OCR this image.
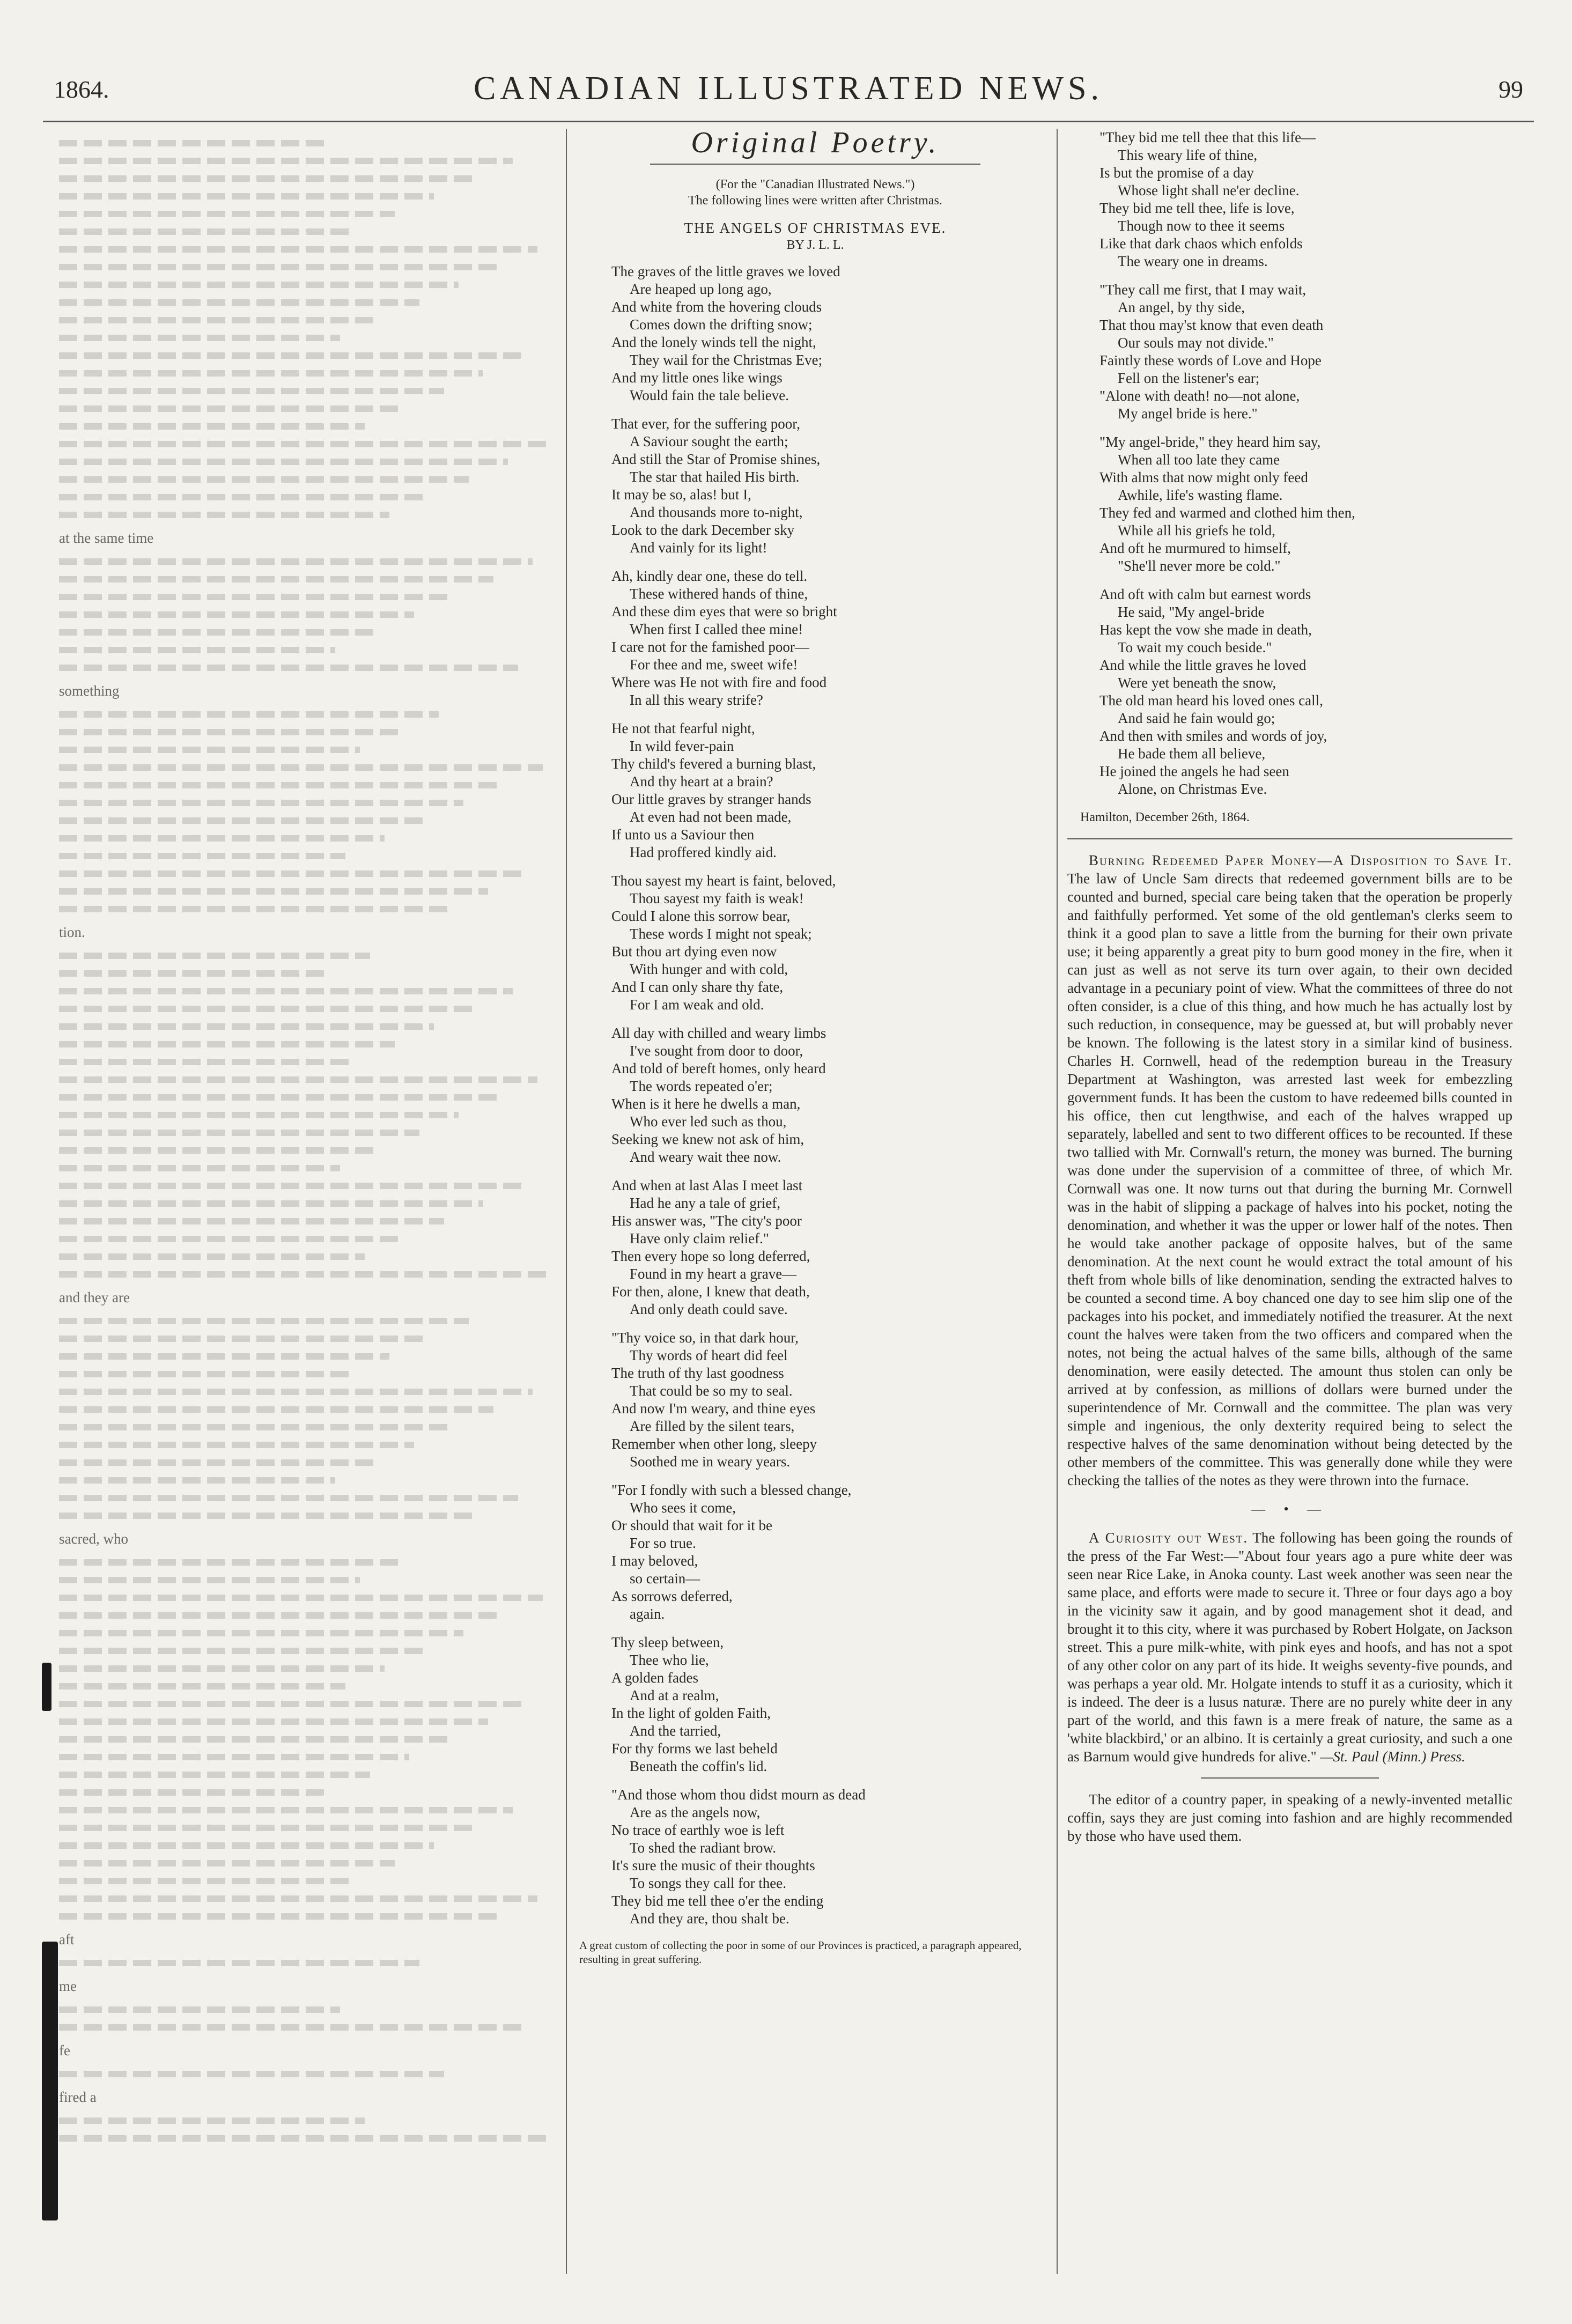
1864.	CANADIAN ILLUSTRATED NEWS.	99
at the same time
something
tion.
and they are
sacred, who
aft
me
fe
fired a
Original Poetry.
(For the "Canadian Illustrated News.")
The following lines were written after Christmas.
THE ANGELS OF CHRISTMAS EVE.
BY J. L. L.
The graves of the little graves we loved
Are heaped up long ago,
And white from the hovering clouds
Comes down the drifting snow;
And the lonely winds tell the night,
They wail for the Christmas Eve;
And my little ones like wings
Would fain the tale believe.
That ever, for the suffering poor,
A Saviour sought the earth;
And still the Star of Promise shines,
The star that hailed His birth.
It may be so, alas! but I,
And thousands more to-night,
Look to the dark December sky
And vainly for its light!
Ah, kindly dear one, these do tell.
These withered hands of thine,
And these dim eyes that were so bright
When first I called thee mine!
I care not for the famished poor—
For thee and me, sweet wife!
Where was He not with fire and food
In all this weary strife?
He not that fearful night,
In wild fever-pain
Thy child's fevered a burning blast,
And thy heart at a brain?
Our little graves by stranger hands
At even had not been made,
If unto us a Saviour then
Had proffered kindly aid.
Thou sayest my heart is faint, beloved,
Thou sayest my faith is weak!
Could I alone this sorrow bear,
These words I might not speak;
But thou art dying even now
With hunger and with cold,
And I can only share thy fate,
For I am weak and old.
All day with chilled and weary limbs
I've sought from door to door,
And told of bereft homes, only heard
The words repeated o'er;
When is it here he dwells a man,
Who ever led such as thou,
Seeking we knew not ask of him,
And weary wait thee now.
And when at last Alas I meet last
Had he any a tale of grief,
His answer was, "The city's poor
Have only claim relief."
Then every hope so long deferred,
Found in my heart a grave—
For then, alone, I knew that death,
And only death could save.
"Thy voice so, in that dark hour,
Thy words of heart did feel
The truth of thy last goodness
That could be so my to seal.
And now I'm weary, and thine eyes
Are filled by the silent tears,
Remember when other long, sleepy
Soothed me in weary years.
"For I fondly with such a blessed change,
Who sees it come,
Or should that wait for it be
For so true.
I may beloved,
so certain—
As sorrows deferred,
again.
Thy sleep between,
Thee who lie,
A golden fades
And at a realm,
In the light of golden Faith,
And the tarried,
For thy forms we last beheld
Beneath the coffin's lid.
"And those whom thou didst mourn as dead
Are as the angels now,
No trace of earthly woe is left
To shed the radiant brow.
It's sure the music of their thoughts
To songs they call for thee.
They bid me tell thee o'er the ending
And they are, thou shalt be.
A great custom of collecting the poor in some of our Provinces is practiced, a paragraph appeared, resulting in great suffering.
"They bid me tell thee that this life—
This weary life of thine,
Is but the promise of a day
Whose light shall ne'er decline.
They bid me tell thee, life is love,
Though now to thee it seems
Like that dark chaos which enfolds
The weary one in dreams.
"They call me first, that I may wait,
An angel, by thy side,
That thou may'st know that even death
Our souls may not divide."
Faintly these words of Love and Hope
Fell on the listener's ear;
"Alone with death! no—not alone,
My angel bride is here."
"My angel-bride," they heard him say,
When all too late they came
With alms that now might only feed
Awhile, life's wasting flame.
They fed and warmed and clothed him then,
While all his griefs he told,
And oft he murmured to himself,
"She'll never more be cold."
And oft with calm but earnest words
He said, "My angel-bride
Has kept the vow she made in death,
To wait my couch beside."
And while the little graves he loved
Were yet beneath the snow,
The old man heard his loved ones call,
And said he fain would go;
And then with smiles and words of joy,
He bade them all believe,
He joined the angels he had seen
Alone, on Christmas Eve.
Hamilton, December 26th, 1864.

Burning Redeemed Paper Money—A Disposition to Save It. The law of Uncle Sam directs that redeemed government bills are to be counted and burned, special care being taken that the operation be properly and faithfully performed. Yet some of the old gentleman's clerks seem to think it a good plan to save a little from the burning for their own private use; it being apparently a great pity to burn good money in the fire, when it can just as well as not serve its turn over again, to their own decided advantage in a pecuniary point of view. What the committees of three do not often consider, is a clue of this thing, and how much he has actually lost by such reduction, in consequence, may be guessed at, but will probably never be known. The following is the latest story in a similar kind of business. Charles H. Cornwell, head of the redemption bureau in the Treasury Department at Washington, was arrested last week for embezzling government funds. It has been the custom to have redeemed bills counted in his office, then cut lengthwise, and each of the halves wrapped up separately, labelled and sent to two different offices to be recounted. If these two tallied with Mr. Cornwall's return, the money was burned. The burning was done under the supervision of a committee of three, of which Mr. Cornwall was one. It now turns out that during the burning Mr. Cornwell was in the habit of slipping a package of halves into his pocket, noting the denomination, and whether it was the upper or lower half of the notes. Then he would take another package of opposite halves, but of the same denomination. At the next count he would extract the total amount of his theft from whole bills of like denomination, sending the extracted halves to be counted a second time. A boy chanced one day to see him slip one of the packages into his pocket, and immediately notified the treasurer. At the next count the halves were taken from the two officers and compared when the notes, not being the actual halves of the same bills, although of the same denomination, were easily detected. The amount thus stolen can only be arrived at by confession, as millions of dollars were burned under the superintendence of Mr. Cornwall and the committee. The plan was very simple and ingenious, the only dexterity required being to select the respective halves of the same denomination without being detected by the other members of the committee. This was generally done while they were checking the tallies of the notes as they were thrown into the furnace.

— • —

A Curiosity out West. The following has been going the rounds of the press of the Far West:—"About four years ago a pure white deer was seen near Rice Lake, in Anoka county. Last week another was seen near the same place, and efforts were made to secure it. Three or four days ago a boy in the vicinity saw it again, and by good management shot it dead, and brought it to this city, where it was purchased by Robert Holgate, on Jackson street. This a pure milk-white, with pink eyes and hoofs, and has not a spot of any other color on any part of its hide. It weighs seventy-five pounds, and was perhaps a year old. Mr. Holgate intends to stuff it as a curiosity, which it is indeed. The deer is a lusus naturæ. There are no purely white deer in any part of the world, and this fawn is a mere freak of nature, the same as a 'white blackbird,' or an albino. It is certainly a great curiosity, and such a one as Barnum would give hundreds for alive." —St. Paul (Minn.) Press.

The editor of a country paper, in speaking of a newly-invented metallic coffin, says they are just coming into fashion and are highly recommended by those who have used them.
